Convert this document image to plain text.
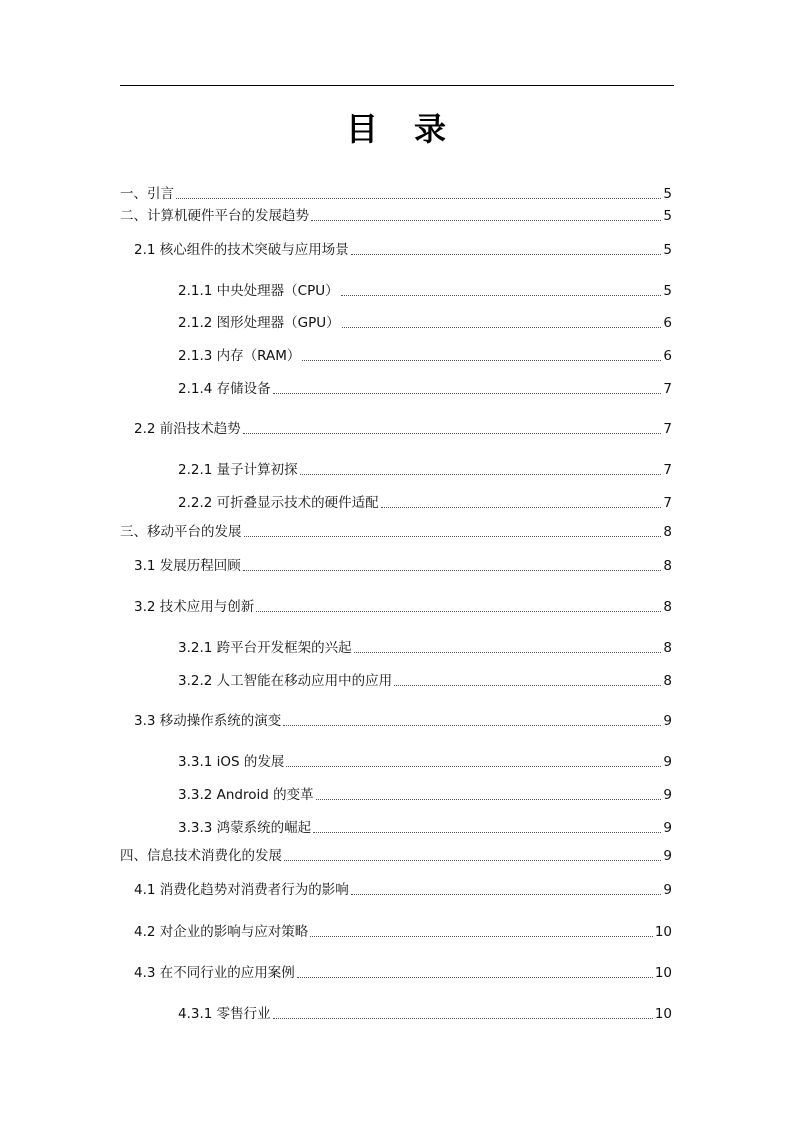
目 录
一、引言	5
二、计算机硬件平台的发展趋势	5
2.1 核心组件的技术突破与应用场景	5
2.1.1 中央处理器（CPU）	5
2.1.2 图形处理器（GPU）	6
2.1.3 内存（RAM）	6
2.1.4 存储设备	7
2.2 前沿技术趋势	7
2.2.1 量子计算初探	7
2.2.2 可折叠显示技术的硬件适配	7
三、移动平台的发展	8
3.1 发展历程回顾	8
3.2 技术应用与创新	8
3.2.1 跨平台开发框架的兴起	8
3.2.2 人工智能在移动应用中的应用	8
3.3 移动操作系统的演变	9
3.3.1 iOS 的发展	9
3.3.2 Android 的变革	9
3.3.3 鸿蒙系统的崛起	9
四、信息技术消费化的发展	9
4.1 消费化趋势对消费者行为的影响	9
4.2 对企业的影响与应对策略	10
4.3 在不同行业的应用案例	10
4.3.1 零售行业	10
